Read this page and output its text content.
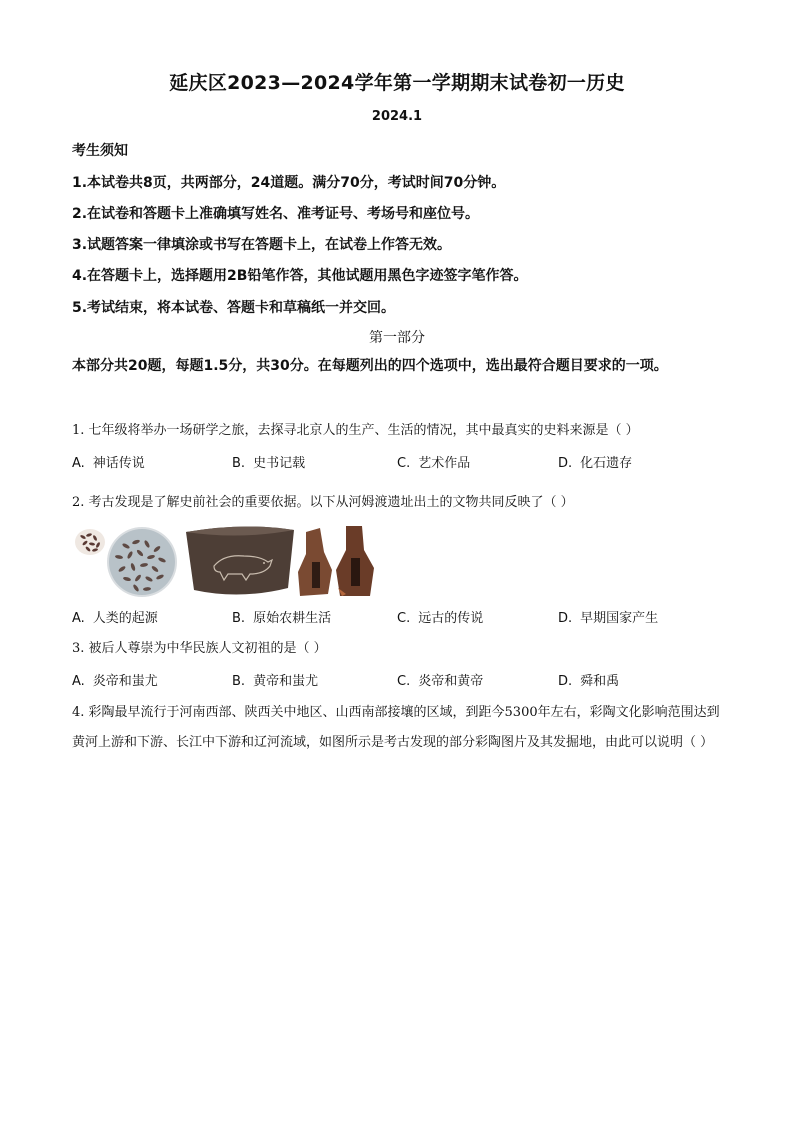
延庆区2023—2024学年第一学期期末试卷初一历史
2024.1
考生须知
1.本试卷共8页，共两部分，24道题。满分70分，考试时间70分钟。
2.在试卷和答题卡上准确填写姓名、准考证号、考场号和座位号。
3.试题答案一律填涂或书写在答题卡上，在试卷上作答无效。
4.在答题卡上，选择题用2B铅笔作答，其他试题用黑色字迹签字笔作答。
5.考试结束，将本试卷、答题卡和草稿纸一并交回。
第一部分
本部分共20题，每题1.5分，共30分。在每题列出的四个选项中，选出最符合题目要求的一项。
1. 七年级将举办一场研学之旅，去探寻北京人的生产、生活的情况，其中最真实的史料来源是（ ）
A. 神话传说	B. 史书记载	C. 艺术作品	D. 化石遗存
2. 考古发现是了解史前社会的重要依据。以下从河姆渡遗址出土的文物共同反映了（ ）
A. 人类的起源	B. 原始农耕生活	C. 远古的传说	D. 早期国家产生
3. 被后人尊崇为中华民族人文初祖的是（ ）
A. 炎帝和蚩尤	B. 黄帝和蚩尤	C. 炎帝和黄帝	D. 舜和禹
4. 彩陶最早流行于河南西部、陕西关中地区、山西南部接壤的区域，到距今5300年左右，彩陶文化影响范围达到黄河上游和下游、长江中下游和辽河流域，如图所示是考古发现的部分彩陶图片及其发掘地，由此可以说明（ ）
